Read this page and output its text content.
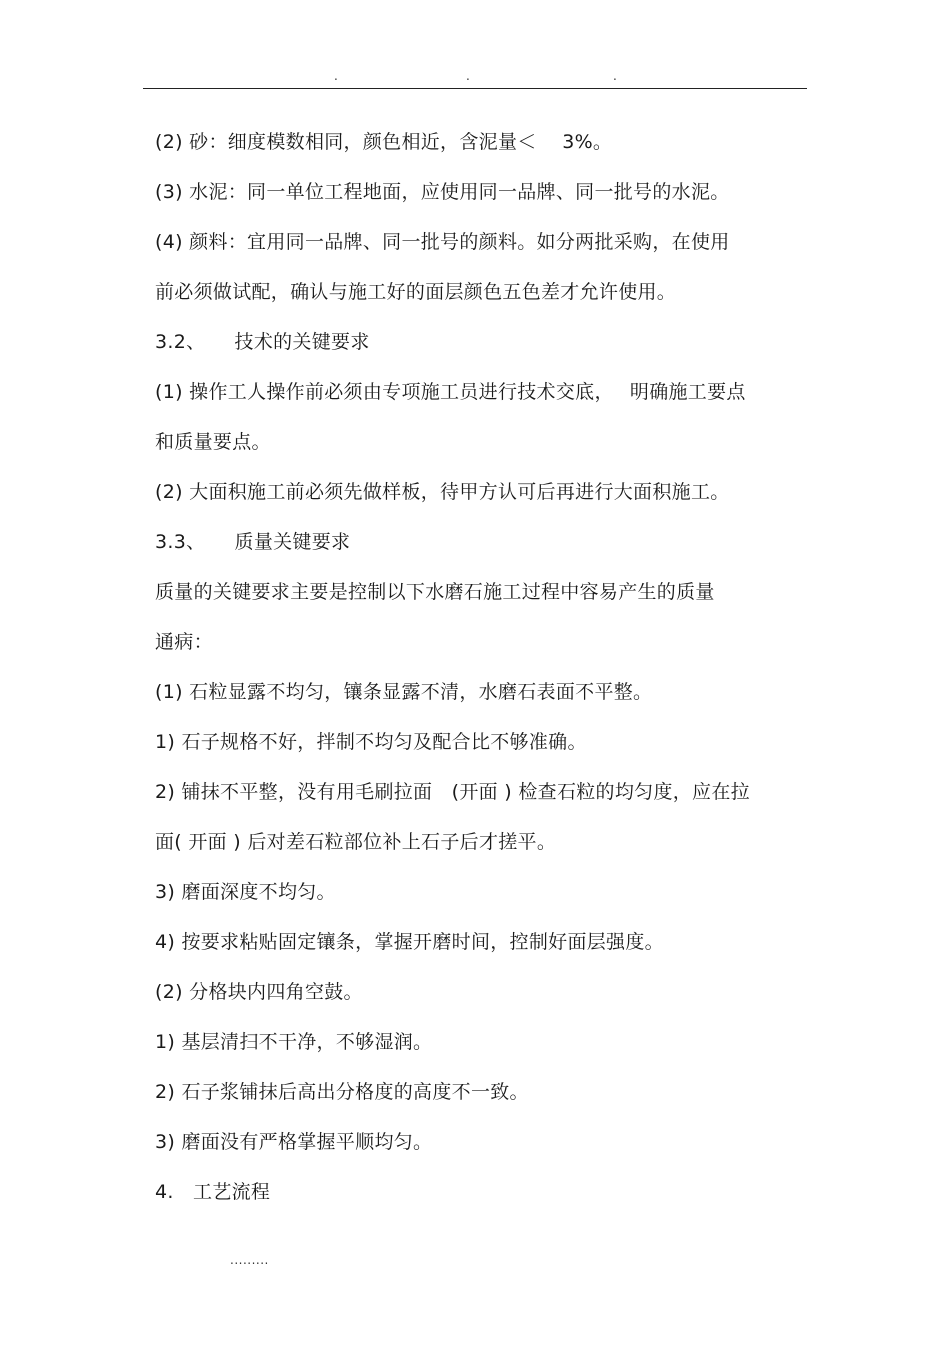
.	.	.
(2) 砂：细度模数相同，颜色相近，含泥量＜　 3%。
(3) 水泥：同一单位工程地面，应使用同一品牌、同一批号的水泥。
(4) 颜料：宜用同一品牌、同一批号的颜料。如分两批采购，在使用
前必须做试配，确认与施工好的面层颜色五色差才允许使用。
3.2、　　技术的关键要求
(1) 操作工人操作前必须由专项施工员进行技术交底，　 明确施工要点
和质量要点。
(2) 大面积施工前必须先做样板，待甲方认可后再进行大面积施工。
3.3、　　质量关键要求
质量的关键要求主要是控制以下水磨石施工过程中容易产生的质量
通病：
(1) 石粒显露不均匀，镶条显露不清，水磨石表面不平整。
1) 石子规格不好，拌制不均匀及配合比不够准确。
2) 铺抹不平整，没有用毛刷拉面　(开面 ) 检查石粒的均匀度，应在拉
面( 开面 ) 后对差石粒部位补上石子后才搓平。
3) 磨面深度不均匀。
4) 按要求粘贴固定镶条，掌握开磨时间，控制好面层强度。
(2) 分格块内四角空鼓。
1) 基层清扫不干净，不够湿润。
2) 石子浆铺抹后高出分格度的高度不一致。
3) 磨面没有严格掌握平顺均匀。
4.　工艺流程
.........
